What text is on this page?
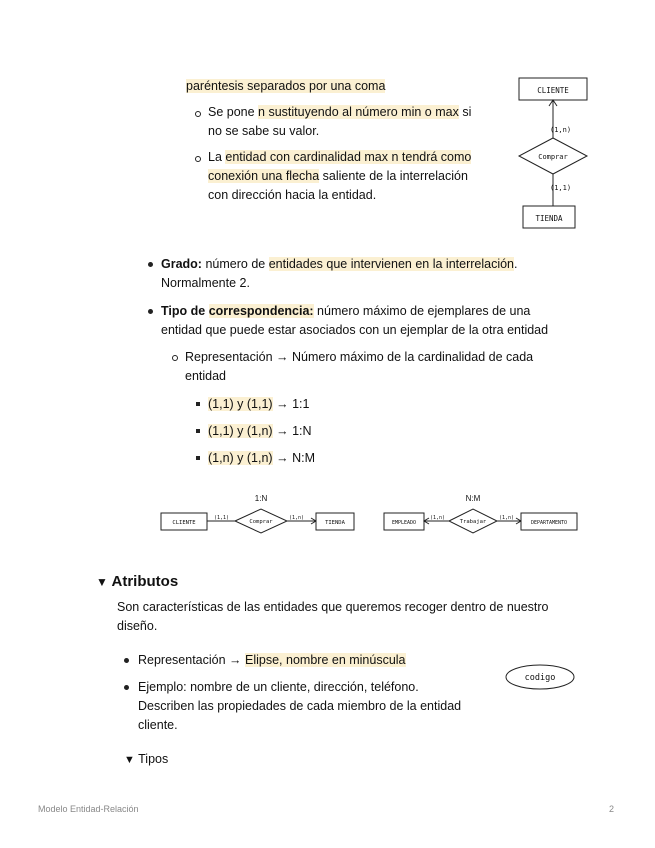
paréntesis separados por una coma
Se pone n sustituyendo al número min o max si
no se sabe su valor.
La entidad con cardinalidad max n tendrá como
conexión una flecha saliente de la interrelación
con dirección hacia la entidad.
CLIENTE
(1,n)
Comprar
(1,1)
TIENDA
Grado: número de entidades que intervienen en la interrelación.
Normalmente 2.
Tipo de correspondencia: número máximo de ejemplares de una
entidad que puede estar asociados con un ejemplar de la otra entidad
Representación → Número máximo de la cardinalidad de cada
entidad
(1,1) y (1,1) → 1:1
(1,1) y (1,n) → 1:N
(1,n) y (1,n) → N:M
1:N
CLIENTE
(1,1)
Comprar
(1,n)
TIENDA
N:M
EMPLEADO
(1,n)
Trabajar
(1,n)
DEPARTAMENTO
▼ Atributos
Son características de las entidades que queremos recoger dentro de nuestro
diseño.
Representación → Elipse, nombre en minúscula
Ejemplo: nombre de un cliente, dirección, teléfono.
Describen las propiedades de cada miembro de la entidad
cliente.
codigo
▼ Tipos
Modelo Entidad-Relación	2
